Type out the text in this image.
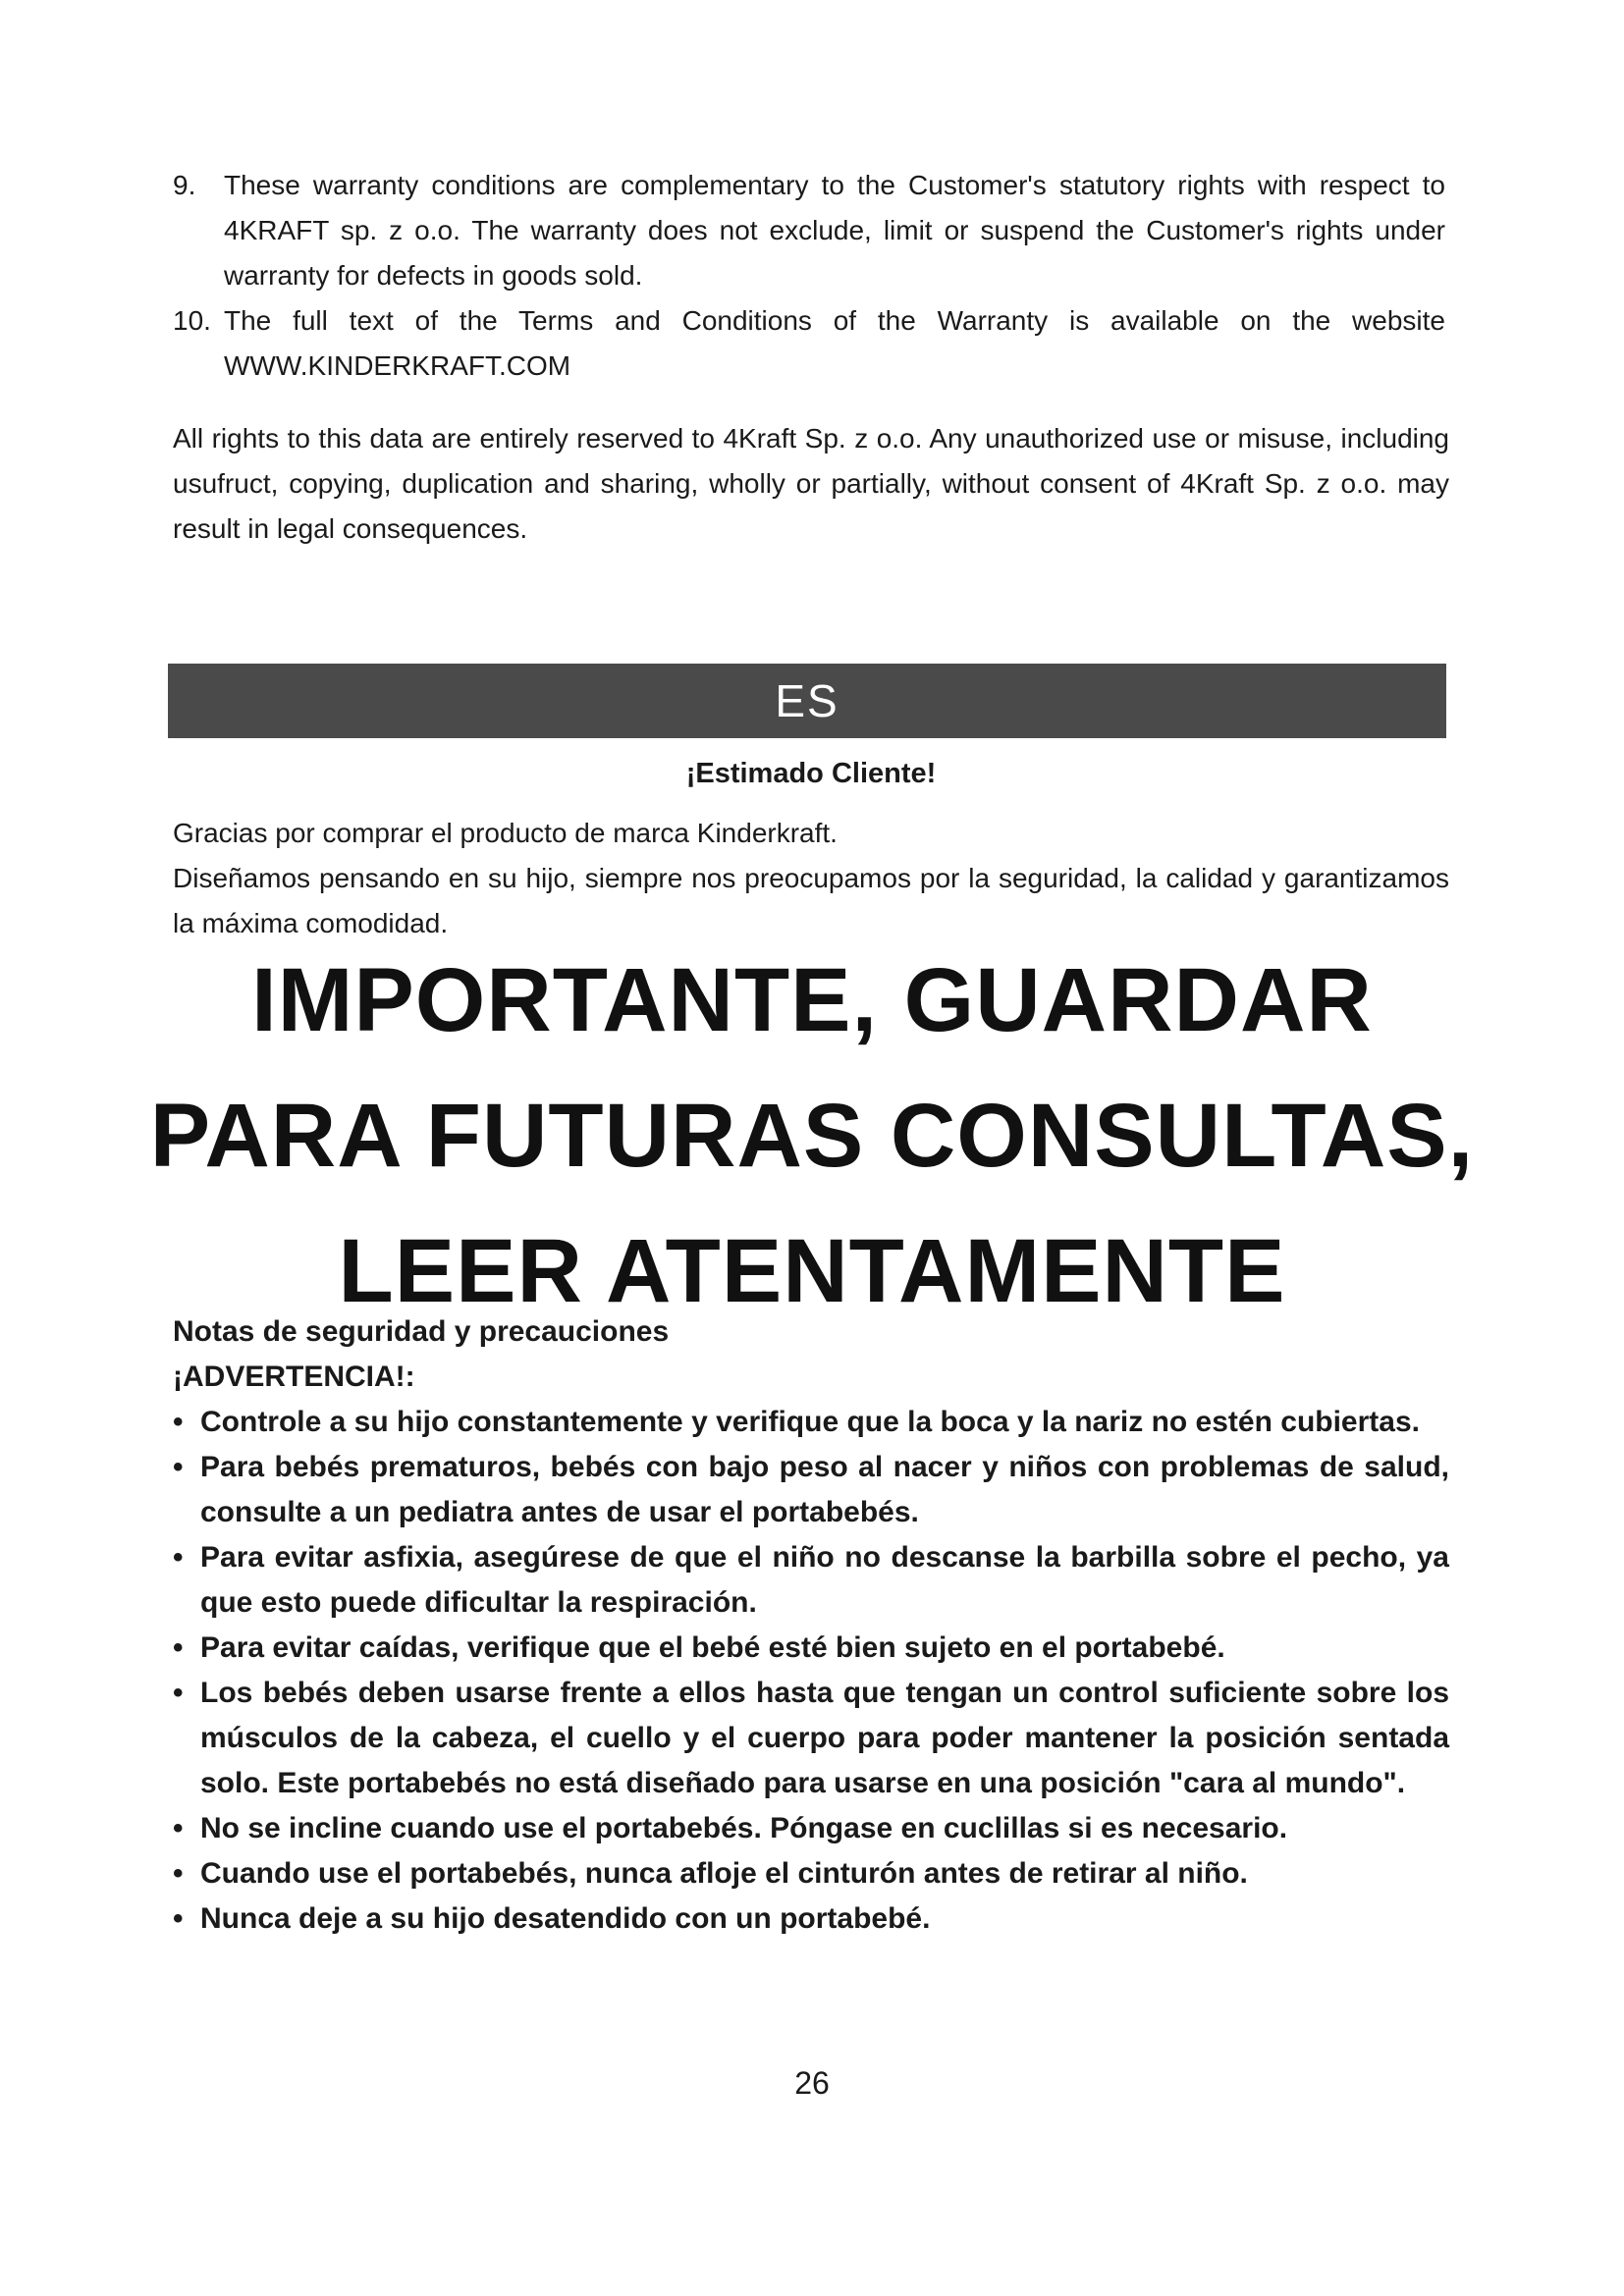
9. These warranty conditions are complementary to the Customer's statutory rights with respect to 4KRAFT sp. z o.o. The warranty does not exclude, limit or suspend the Customer's rights under warranty for defects in goods sold.
10. The full text of the Terms and Conditions of the Warranty is available on the website WWW.KINDERKRAFT.COM

All rights to this data are entirely reserved to 4Kraft Sp. z o.o. Any unauthorized use or misuse, including usufruct, copying, duplication and sharing, wholly or partially, without consent of 4Kraft Sp. z o.o. may result in legal consequences.

ES

¡Estimado Cliente!

Gracias por comprar el producto de marca Kinderkraft.

Diseñamos pensando en su hijo, siempre nos preocupamos por la seguridad, la calidad y garantizamos la máxima comodidad.

IMPORTANTE, GUARDAR PARA FUTURAS CONSULTAS, LEER ATENTAMENTE

Notas de seguridad y precauciones

¡ADVERTENCIA!:

• Controle a su hijo constantemente y verifique que la boca y la nariz no estén cubiertas.
• Para bebés prematuros, bebés con bajo peso al nacer y niños con problemas de salud, consulte a un pediatra antes de usar el portabebés.
• Para evitar asfixia, asegúrese de que el niño no descanse la barbilla sobre el pecho, ya que esto puede dificultar la respiración.
• Para evitar caídas, verifique que el bebé esté bien sujeto en el portabebé.
• Los bebés deben usarse frente a ellos hasta que tengan un control suficiente sobre los músculos de la cabeza, el cuello y el cuerpo para poder mantener la posición sentada solo. Este portabebés no está diseñado para usarse en una posición "cara al mundo".
• No se incline cuando use el portabebés. Póngase en cuclillas si es necesario.
• Cuando use el portabebés, nunca afloje el cinturón antes de retirar al niño.
• Nunca deje a su hijo desatendido con un portabebé.

26
